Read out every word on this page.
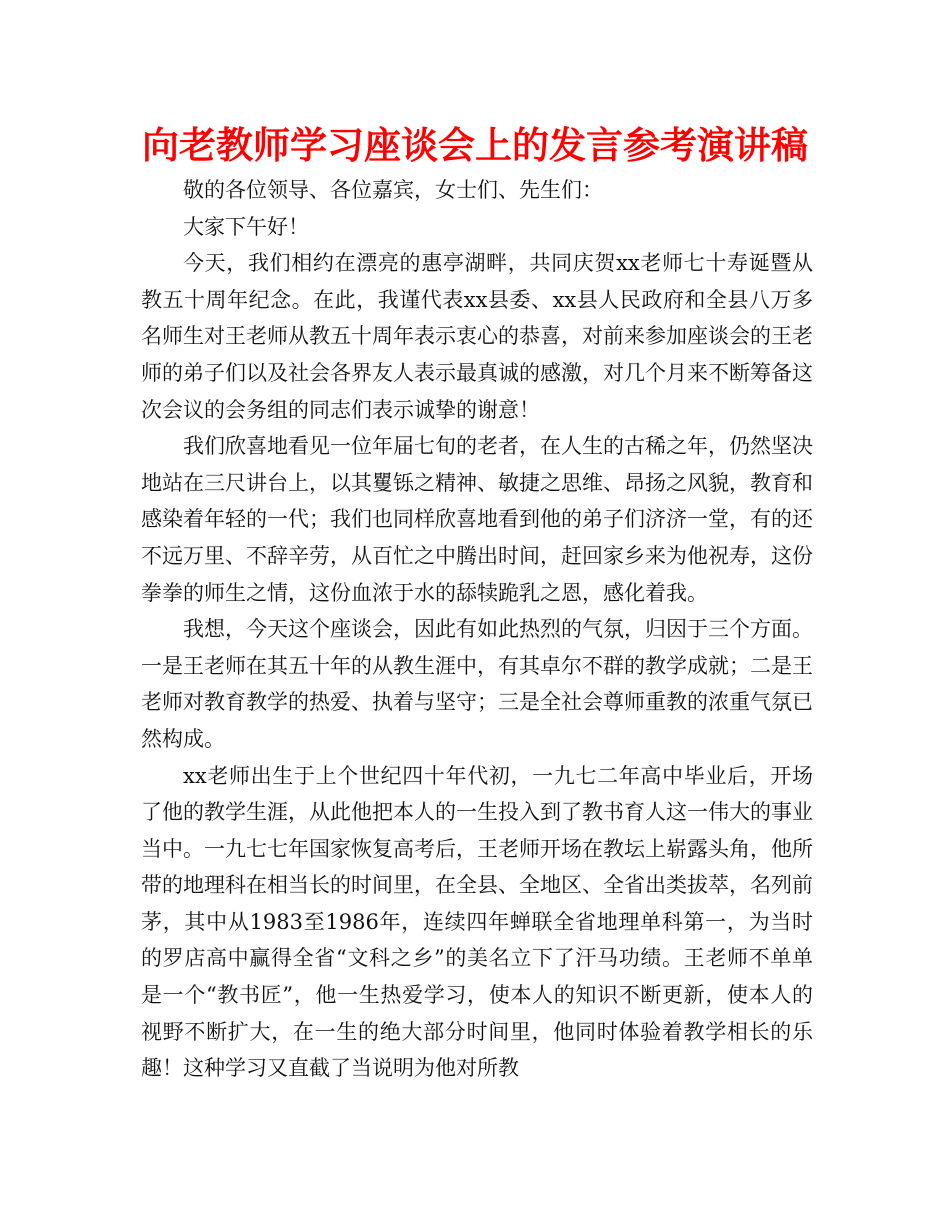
向老教师学习座谈会上的发言参考演讲稿

敬的各位领导、各位嘉宾，女士们、先生们：

大家下午好！

今天，我们相约在漂亮的惠亭湖畔，共同庆贺xx老师七十寿诞暨从教五十周年纪念。在此，我谨代表xx县委、xx县人民政府和全县八万多名师生对王老师从教五十周年表示衷心的恭喜，对前来参加座谈会的王老师的弟子们以及社会各界友人表示最真诚的感激，对几个月来不断筹备这次会议的会务组的同志们表示诚挚的谢意！

我们欣喜地看见一位年届七旬的老者，在人生的古稀之年，仍然坚决地站在三尺讲台上，以其矍铄之精神、敏捷之思维、昂扬之风貌，教育和感染着年轻的一代；我们也同样欣喜地看到他的弟子们济济一堂，有的还不远万里、不辞辛劳，从百忙之中腾出时间，赶回家乡来为他祝寿，这份拳拳的师生之情，这份血浓于水的舔犊跪乳之恩，感化着我。

我想，今天这个座谈会，因此有如此热烈的气氛，归因于三个方面。一是王老师在其五十年的从教生涯中，有其卓尔不群的教学成就；二是王老师对教育教学的热爱、执着与坚守；三是全社会尊师重教的浓重气氛已然构成。

xx老师出生于上个世纪四十年代初，一九七二年高中毕业后，开场了他的教学生涯，从此他把本人的一生投入到了教书育人这一伟大的事业当中。一九七七年国家恢复高考后，王老师开场在教坛上崭露头角，他所带的地理科在相当长的时间里，在全县、全地区、全省出类拔萃，名列前茅，其中从1983至1986年，连续四年蝉联全省地理单科第一，为当时的罗店高中赢得全省“文科之乡”的美名立下了汗马功绩。王老师不单单是一个“教书匠”，他一生热爱学习，使本人的知识不断更新，使本人的视野不断扩大，在一生的绝大部分时间里，他同时体验着教学相长的乐趣！这种学习又直截了当说明为他对所教
